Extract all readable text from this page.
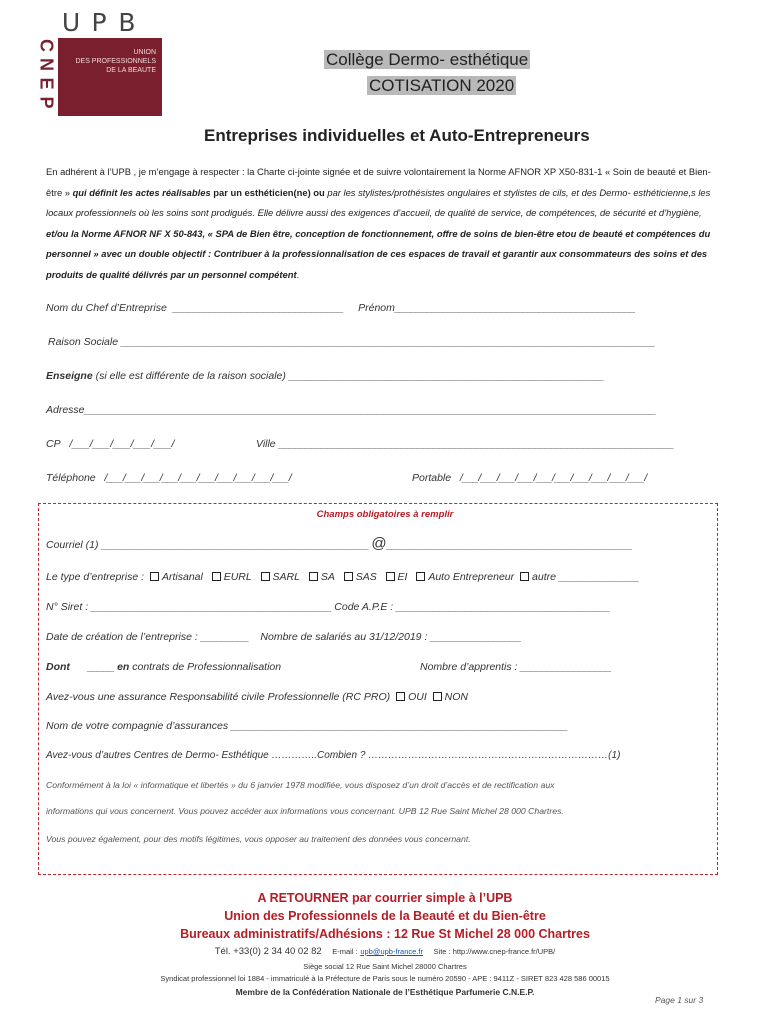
U P B
C
N
E
P
UNION
DES PROFESSIONNELS
DE LA BEAUTE
Collège Dermo- esthétique
COTISATION 2020
Entreprises individuelles et Auto-Entrepreneurs
En adhérent à l’UPB , je m’engage à respecter : la Charte ci-jointe signée et de suivre volontairement la Norme AFNOR XP X50-831-1 « Soin de beauté et Bien-être » qui définit les actes réalisables par un esthéticien(ne) ou par les stylistes/prothésistes ongulaires et stylistes de cils, et des Dermo- esthéticienne,s les locaux professionnels où les soins sont prodigués. Elle délivre aussi des exigences d’accueil, de qualité de service, de compétences, de sécurité et d’hygiène, et/ou la Norme AFNOR NF X 50-843, « SPA de Bien être, conception de fonctionnement, offre de soins de bien-être etou de beauté et compétences du personnel » avec un double objectif : Contribuer à la professionnalisation de ces espaces de travail et garantir aux consommateurs des soins et des produits de qualité délivrés par un personnel compétent.
Nom du Chef d’Entreprise ________________________________ Prénom_____________________________________________
Raison Sociale ____________________________________________________________________________________________________
Enseigne (si elle est différente de la raison sociale) ___________________________________________________________
Adresse___________________________________________________________________________________________________________
CP /___/___/___/___/___/	Ville __________________________________________________________________________
Téléphone /___/___/___/___/___/___/___/___/___/___/	Portable /___/___/___/___/___/___/___/___/___/___/
Champs obligatoires à remplir
Courriel (1) __________________________________________________ @______________________________________________
Le type d’entreprise : Artisanal EURL SARL SA SAS EI Auto Entrepreneur autre _______________
N° Siret : _____________________________________________ Code A.P.E : ________________________________________
Date de création de l’entreprise : _________ Nombre de salariés au 31/12/2019 : _________________
Dont _____ en contrats de Professionnalisation	Nombre d’apprentis : _________________
Avez-vous une assurance Responsabilité civile Professionnelle (RC PRO) OUI NON
Nom de votre compagnie d’assurances _______________________________________________________________
Avez-vous d’autres Centres de Dermo- Esthétique …………..Combien ? ………………………………………………………………(1)
Conformément à la loi « informatique et libertés » du 6 janvier 1978 modifiée, vous disposez d’un droit d’accès et de rectification aux
informations qui vous concernent. Vous pouvez accéder aux informations vous concernant. UPB 12 Rue Saint Michel 28 000 Chartres.
Vous pouvez également, pour des motifs légitimes, vous opposer au traitement des données vous concernant.
A RETOURNER par courrier simple à l’UPB
Union des Professionnels de la Beauté et du Bien-être
Bureaux administratifs/Adhésions : 12 Rue St Michel 28 000 Chartres
Tél. +33(0) 2 34 40 02 82 E-mail : upb@upb-france.fr Site : http://www.cnep-france.fr/UPB/
Siège social 12 Rue Saint Michel 28000 Chartres
Syndicat professionnel loi 1884 - immatriculé à la Préfecture de Paris sous le numéro 20590 - APE : 9411Z - SIRET 823 428 586 00015
Membre de la Confédération Nationale de l’Esthétique Parfumerie C.N.E.P.
Page 1 sur 3
